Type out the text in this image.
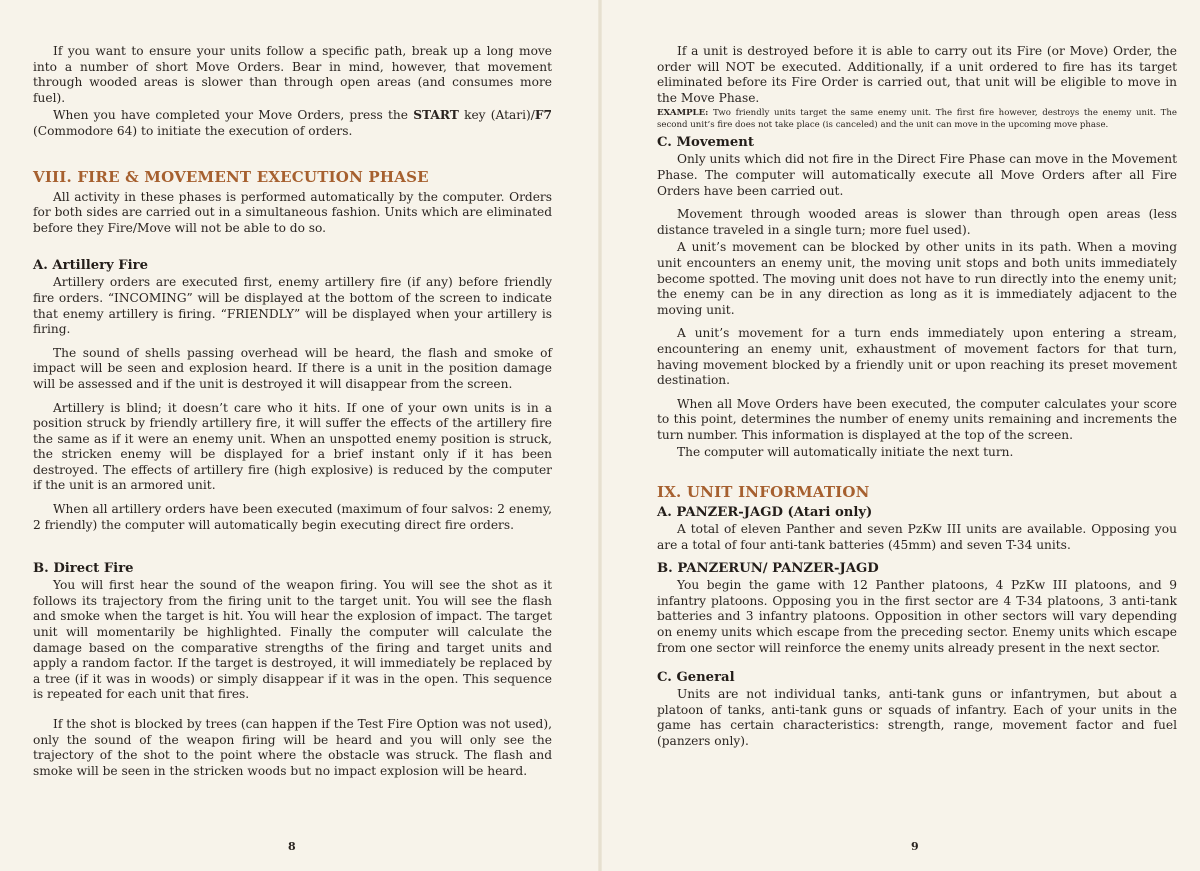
If you want to ensure your units follow a specific path, break up a long move into a number of short Move Orders. Bear in mind, however, that movement through wooded areas is slower than through open areas (and consumes more fuel).

When you have completed your Move Orders, press the START key (Atari)/F7 (Commodore 64) to initiate the execution of orders.

VIII. FIRE & MOVEMENT EXECUTION PHASE

All activity in these phases is performed automatically by the computer. Orders for both sides are carried out in a simultaneous fashion. Units which are eliminated before they Fire/Move will not be able to do so.

A. Artillery Fire

Artillery orders are executed first, enemy artillery fire (if any) before friendly fire orders. “INCOMING” will be displayed at the bottom of the screen to indicate that enemy artillery is firing. “FRIENDLY” will be displayed when your artillery is firing.

The sound of shells passing overhead will be heard, the flash and smoke of impact will be seen and explosion heard. If there is a unit in the position damage will be assessed and if the unit is destroyed it will disappear from the screen.

Artillery is blind; it doesn’t care who it hits. If one of your own units is in a position struck by friendly artillery fire, it will suffer the effects of the artillery fire the same as if it were an enemy unit. When an unspotted enemy position is struck, the stricken enemy will be displayed for a brief instant only if it has been destroyed. The effects of artillery fire (high explosive) is reduced by the computer if the unit is an armored unit.

When all artillery orders have been executed (maximum of four salvos: 2 enemy, 2 friendly) the computer will automatically begin executing direct fire orders.

B. Direct Fire

You will first hear the sound of the weapon firing. You will see the shot as it follows its trajectory from the firing unit to the target unit. You will see the flash and smoke when the target is hit. You will hear the explosion of impact. The target unit will momentarily be highlighted. Finally the computer will calculate the damage based on the comparative strengths of the firing and target units and apply a random factor. If the target is destroyed, it will immediately be replaced by a tree (if it was in woods) or simply disappear if it was in the open. This sequence is repeated for each unit that fires.

If the shot is blocked by trees (can happen if the Test Fire Option was not used), only the sound of the weapon firing will be heard and you will only see the trajectory of the shot to the point where the obstacle was struck. The flash and smoke will be seen in the stricken woods but no impact explosion will be heard.

8

If a unit is destroyed before it is able to carry out its Fire (or Move) Order, the order will NOT be executed. Additionally, if a unit ordered to fire has its target eliminated before its Fire Order is carried out, that unit will be eligible to move in the Move Phase.

EXAMPLE: Two friendly units target the same enemy unit. The first fire however, destroys the enemy unit. The second unit’s fire does not take place (is canceled) and the unit can move in the upcoming move phase.

C. Movement

Only units which did not fire in the Direct Fire Phase can move in the Movement Phase. The computer will automatically execute all Move Orders after all Fire Orders have been carried out.

Movement through wooded areas is slower than through open areas (less distance traveled in a single turn; more fuel used).

A unit’s movement can be blocked by other units in its path. When a moving unit encounters an enemy unit, the moving unit stops and both units immediately become spotted. The moving unit does not have to run directly into the enemy unit; the enemy can be in any direction as long as it is immediately adjacent to the moving unit.

A unit’s movement for a turn ends immediately upon entering a stream, encountering an enemy unit, exhaustment of movement factors for that turn, having movement blocked by a friendly unit or upon reaching its preset movement destination.

When all Move Orders have been executed, the computer calculates your score to this point, determines the number of enemy units remaining and increments the turn number. This information is displayed at the top of the screen.

The computer will automatically initiate the next turn.

IX. UNIT INFORMATION
A. PANZER-JAGD (Atari only)

A total of eleven Panther and seven PzKw III units are available. Opposing you are a total of four anti-tank batteries (45mm) and seven T-34 units.

B. PANZERUN/ PANZER-JAGD

You begin the game with 12 Panther platoons, 4 PzKw III platoons, and 9 infantry platoons. Opposing you in the first sector are 4 T-34 platoons, 3 anti-tank batteries and 3 infantry platoons. Opposition in other sectors will vary depending on enemy units which escape from the preceding sector. Enemy units which escape from one sector will reinforce the enemy units already present in the next sector.

C. General

Units are not individual tanks, anti-tank guns or infantrymen, but about a platoon of tanks, anti-tank guns or squads of infantry. Each of your units in the game has certain characteristics: strength, range, movement factor and fuel (panzers only).

9
